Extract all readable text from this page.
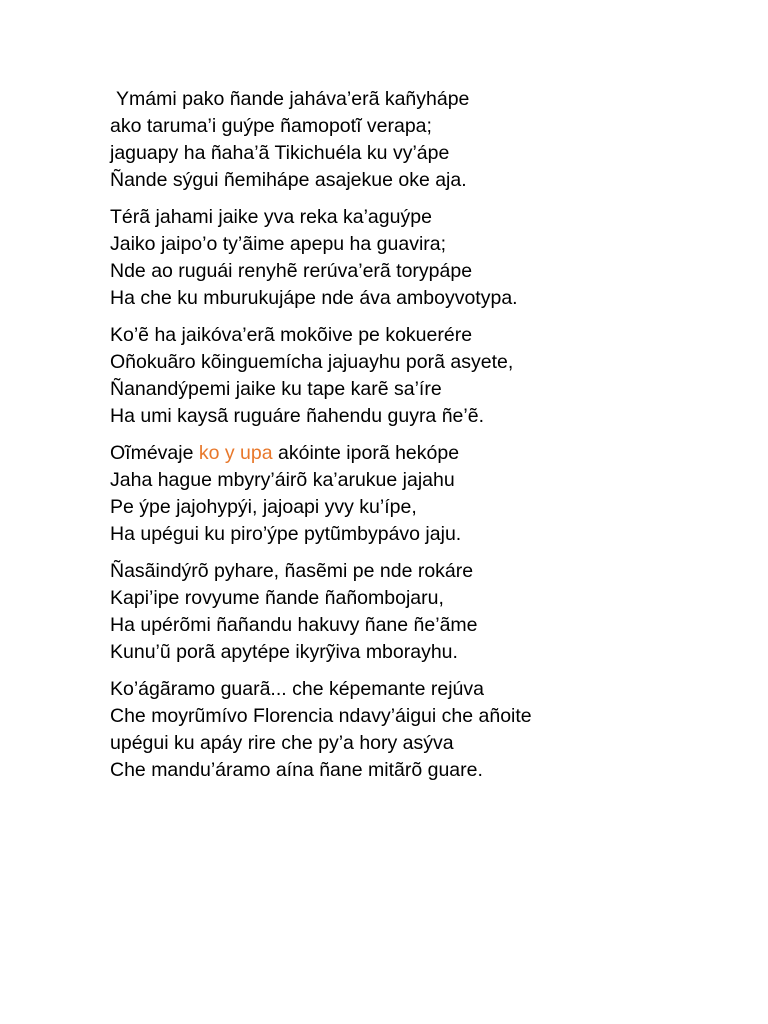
Ymámi pako ñande jaháva’erã kañyhápe
ako taruma’i guýpe ñamopotĩ verapa;
jaguapy ha ñaha’ã Tikichuéla ku vy’ápe
Ñande sýgui ñemihápe asajekue oke aja.
Térã jahami jaike yva reka ka’aguýpe
Jaiko jaipo’o ty’ãime apepu ha guavira;
Nde ao ruguái renyhẽ rerúva’erã torypápe
Ha che ku mburukujápe nde áva amboyvotypa.
Ko’ẽ ha jaikóva’erã mokõive pe kokuerére
Oñokuãro kõinguemícha jajuayhu porã asyete,
Ñanandýpemi jaike ku tape karẽ sa’íre
Ha umi kaysã ruguáre ñahendu guyra ñe’ẽ.
Oĩmévaje ko y upa akóinte iporã hekópe
Jaha hague mbyry’áirõ ka’arukue jajahu
Pe ýpe jajohypýi, jajoapi yvy ku’ípe,
Ha upégui ku piro’ýpe pytũmbypávo jaju.
Ñasãindýrõ pyhare, ñasẽmi pe nde rokáre
Kapi’ipe rovyume ñande ñañombojaru,
Ha upérõmi ñañandu hakuvy ñane ñe’ãme
Kunu’ũ porã apytépe ikyrỹiva mborayhu.
Ko’ágãramo guarã... che képemante rejúva
Che moyrũmívo Florencia ndavy’áigui che añoite
upégui ku apáy rire che py’a hory asýva
Che mandu’áramo aína ñane mitãrõ guare.
